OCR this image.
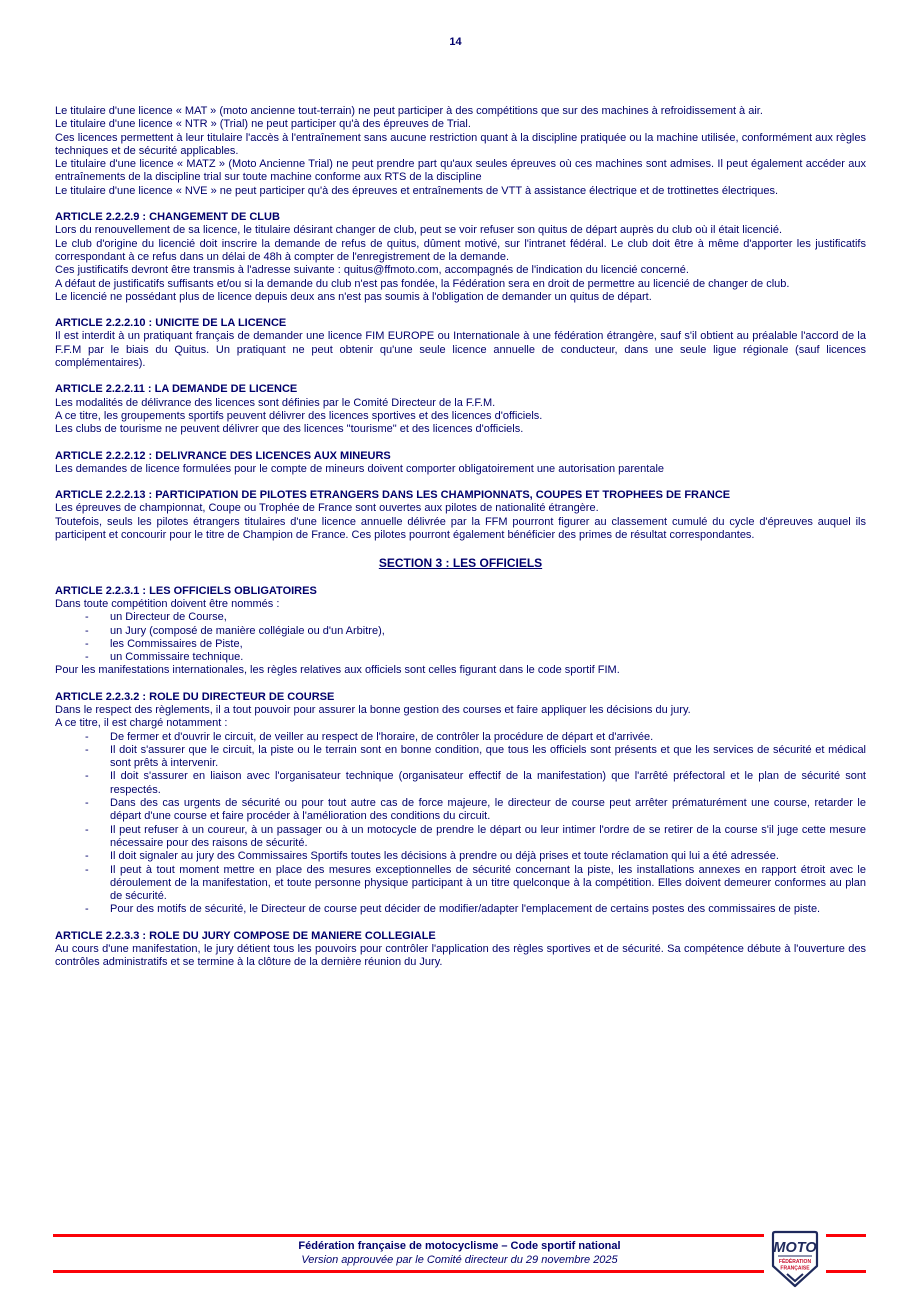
14

Le titulaire d'une licence « MAT » (moto ancienne tout-terrain) ne peut participer à des compétitions que sur des machines à refroidissement à air.

Le titulaire d'une licence « NTR » (Trial) ne peut participer qu'à des épreuves de Trial.

Ces licences permettent à leur titulaire l'accès à l'entraînement sans aucune restriction quant à la discipline pratiquée ou la machine utilisée, conformément aux règles techniques et de sécurité applicables.

Le titulaire d'une licence « MATZ » (Moto Ancienne Trial) ne peut prendre part qu'aux seules épreuves où ces machines sont admises. Il peut également accéder aux entraînements de la discipline trial sur toute machine conforme aux RTS de la discipline

Le titulaire d'une licence « NVE » ne peut participer qu'à des épreuves et entraînements de VTT à assistance électrique et de trottinettes électriques.

ARTICLE 2.2.2.9 : CHANGEMENT DE CLUB

Lors du renouvellement de sa licence, le titulaire désirant changer de club, peut se voir refuser son quitus de départ auprès du club où il était licencié.

Le club d'origine du licencié doit inscrire la demande de refus de quitus, dûment motivé, sur l'intranet fédéral. Le club doit être à même d'apporter les justificatifs correspondant à ce refus dans un délai de 48h à compter de l'enregistrement de la demande.

Ces justificatifs devront être transmis à l'adresse suivante : quitus@ffmoto.com, accompagnés de l'indication du licencié concerné.

A défaut de justificatifs suffisants et/ou si la demande du club n'est pas fondée, la Fédération sera en droit de permettre au licencié de changer de club.

Le licencié ne possédant plus de licence depuis deux ans n'est pas soumis à l'obligation de demander un quitus de départ.

ARTICLE 2.2.2.10 : UNICITE DE LA LICENCE

Il est interdit à un pratiquant français de demander une licence FIM EUROPE ou Internationale à une fédération étrangère, sauf s'il obtient au préalable l'accord de la F.F.M par le biais du Quitus. Un pratiquant ne peut obtenir qu'une seule licence annuelle de conducteur, dans une seule ligue régionale (sauf licences complémentaires).

ARTICLE 2.2.2.11 : LA DEMANDE DE LICENCE

Les modalités de délivrance des licences sont définies par le Comité Directeur de la F.F.M.

A ce titre, les groupements sportifs peuvent délivrer des licences sportives et des licences d'officiels.

Les clubs de tourisme ne peuvent délivrer que des licences "tourisme" et des licences d'officiels.

ARTICLE 2.2.2.12 : DELIVRANCE DES LICENCES AUX MINEURS

Les demandes de licence formulées pour le compte de mineurs doivent comporter obligatoirement une autorisation parentale

ARTICLE 2.2.2.13 : PARTICIPATION DE PILOTES ETRANGERS DANS LES CHAMPIONNATS, COUPES ET TROPHEES DE FRANCE

Les épreuves de championnat, Coupe ou Trophée de France sont ouvertes aux pilotes de nationalité étrangère.

Toutefois, seuls les pilotes étrangers titulaires d'une licence annuelle délivrée par la FFM pourront figurer au classement cumulé du cycle d'épreuves auquel ils participent et concourir pour le titre de Champion de France. Ces pilotes pourront également bénéficier des primes de résultat correspondantes.

SECTION 3 : LES OFFICIELS
ARTICLE 2.2.3.1 : LES OFFICIELS OBLIGATOIRES

Dans toute compétition doivent être nommés :

-	un Directeur de Course,
-	un Jury (composé de manière collégiale ou d'un Arbitre),
-	les Commissaires de Piste,
-	un Commissaire technique.

Pour les manifestations internationales, les règles relatives aux officiels sont celles figurant dans le code sportif FIM.

ARTICLE 2.2.3.2 : ROLE DU DIRECTEUR DE COURSE

Dans le respect des règlements, il a tout pouvoir pour assurer la bonne gestion des courses et faire appliquer les décisions du jury.

A ce titre, il est chargé notamment :

-	De fermer et d'ouvrir le circuit, de veiller au respect de l'horaire, de contrôler la procédure de départ et d'arrivée.
-	Il doit s'assurer que le circuit, la piste ou le terrain sont en bonne condition, que tous les officiels sont présents et que les services de sécurité et médical sont prêts à intervenir.
-	Il doit s'assurer en liaison avec l'organisateur technique (organisateur effectif de la manifestation) que l'arrêté préfectoral et le plan de sécurité sont respectés.
-	Dans des cas urgents de sécurité ou pour tout autre cas de force majeure, le directeur de course peut arrêter prématurément une course, retarder le départ d'une course et faire procéder à l'amélioration des conditions du circuit.
-	Il peut refuser à un coureur, à un passager ou à un motocycle de prendre le départ ou leur intimer l'ordre de se retirer de la course s'il juge cette mesure nécessaire pour des raisons de sécurité.
-	Il doit signaler au jury des Commissaires Sportifs toutes les décisions à prendre ou déjà prises et toute réclamation qui lui a été adressée.
-	Il peut à tout moment mettre en place des mesures exceptionnelles de sécurité concernant la piste, les installations annexes en rapport étroit avec le déroulement de la manifestation, et toute personne physique participant à un titre quelconque à la compétition. Elles doivent demeurer conformes au plan de sécurité.
-	Pour des motifs de sécurité, le Directeur de course peut décider de modifier/adapter l'emplacement de certains postes des commissaires de piste.
ARTICLE 2.2.3.3 : ROLE DU JURY COMPOSE DE MANIERE COLLEGIALE

Au cours d'une manifestation, le jury détient tous les pouvoirs pour contrôler l'application des règles sportives et de sécurité. Sa compétence débute à l'ouverture des contrôles administratifs et se termine à la clôture de la dernière réunion du Jury.

Fédération française de motocyclisme – Code sportif national
Version approuvée par le Comité directeur du 29 novembre 2025
MOTO
FÉDÉRATION
FRANÇAISE
